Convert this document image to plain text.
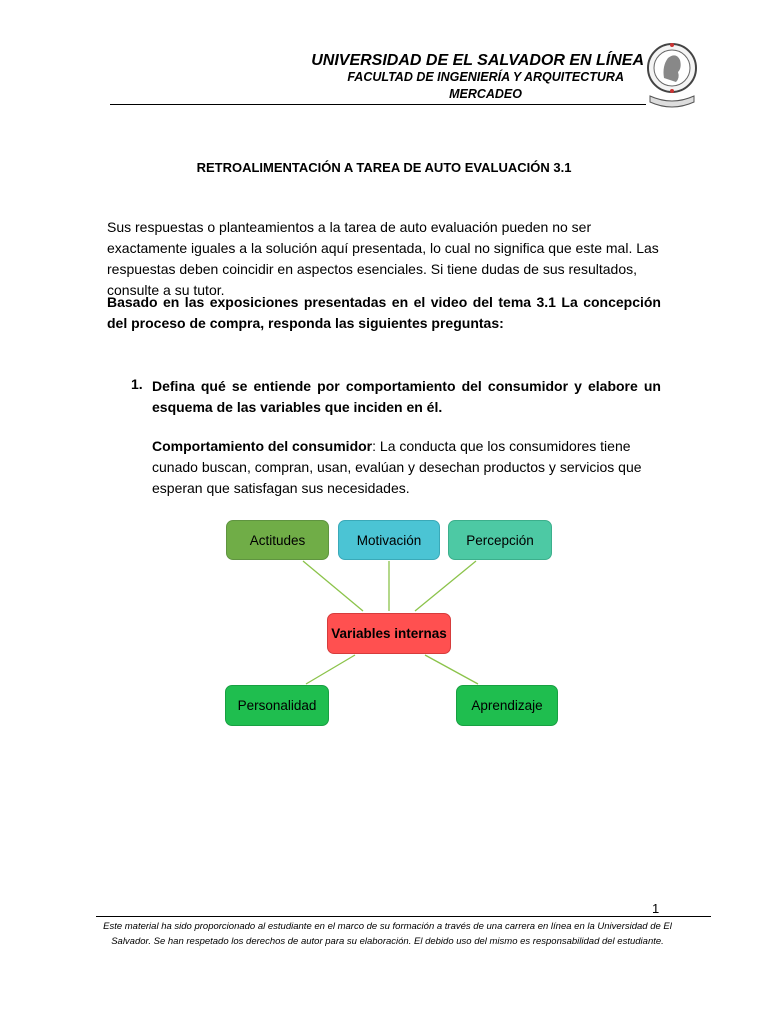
UNIVERSIDAD DE EL SALVADOR EN LÍNEA
FACULTAD DE INGENIERÍA Y ARQUITECTURA
MERCADEO
RETROALIMENTACIÓN A TAREA DE AUTO EVALUACIÓN 3.1
Sus respuestas o planteamientos a la tarea de auto evaluación pueden no ser exactamente iguales a la solución aquí presentada, lo cual no significa que este mal. Las respuestas deben coincidir en aspectos esenciales. Si tiene dudas de sus resultados, consulte a su tutor.
Basado en las exposiciones presentadas en el video del tema 3.1 La concepción del proceso de compra, responda las siguientes preguntas:
1. Defina qué se entiende por comportamiento del consumidor y elabore un esquema de las variables que inciden en él.
Comportamiento del consumidor: La conducta que los consumidores tiene cunado buscan, compran, usan, evalúan y desechan productos y servicios que esperan que satisfagan sus necesidades.
Actitudes	Motivación	Percepción
Variables internas
Personalidad	Aprendizaje
1
Este material ha sido proporcionado al estudiante en el marco de su formación a través de una carrera en línea en la Universidad de El Salvador. Se han respetado los derechos de autor para su elaboración. El debido uso del mismo es responsabilidad del estudiante.
